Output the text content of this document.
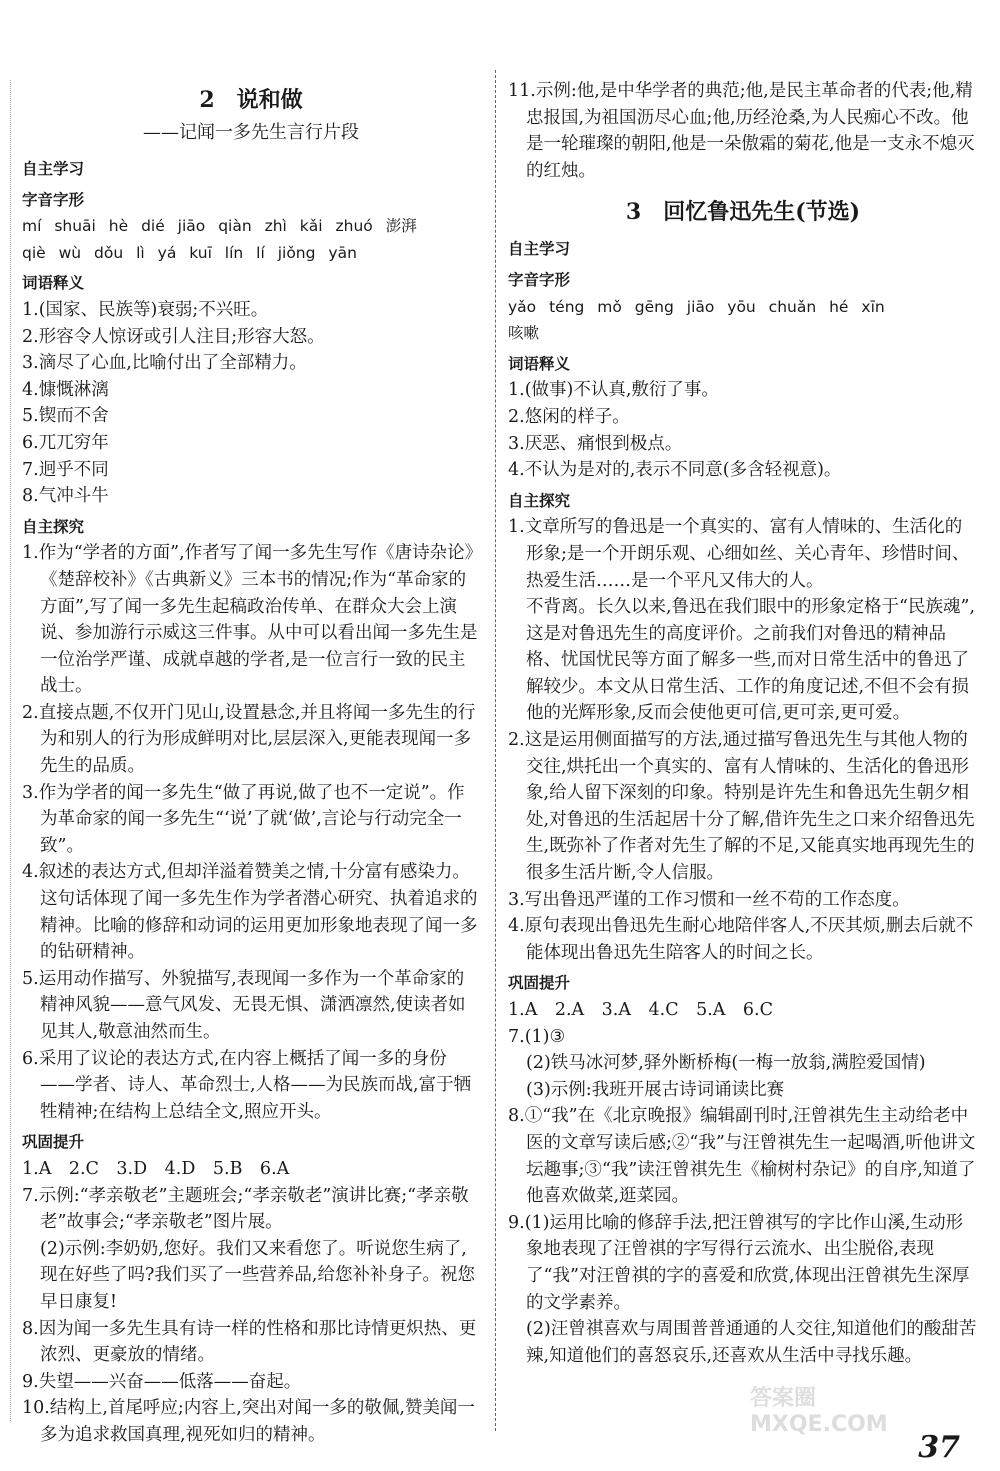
2　说和做
——记闻一多先生言行片段
自主学习
字音字形
mí shuāi hè dié jiāo qiàn zhì kǎi zhuó 澎湃
qiè wù dǒu lì yá kuī lín lí jiǒng yān
词语释义
1.(国家、民族等)衰弱;不兴旺。
2.形容令人惊讶或引人注目;形容大怒。
3.滴尽了心血,比喻付出了全部精力。
4.慷慨淋漓
5.锲而不舍
6.兀兀穷年
7.迥乎不同
8.气冲斗牛
自主探究
1.作为“学者的方面”,作者写了闻一多先生写作《唐诗杂论》《楚辞校补》《古典新义》三本书的情况;作为“革命家的方面”,写了闻一多先生起稿政治传单、在群众大会上演说、参加游行示威这三件事。从中可以看出闻一多先生是一位治学严谨、成就卓越的学者,是一位言行一致的民主战士。
2.直接点题,不仅开门见山,设置悬念,并且将闻一多先生的行为和别人的行为形成鲜明对比,层层深入,更能表现闻一多先生的品质。
3.作为学者的闻一多先生“做了再说,做了也不一定说”。作为革命家的闻一多先生“‘说’了就‘做’,言论与行动完全一致”。
4.叙述的表达方式,但却洋溢着赞美之情,十分富有感染力。这句话体现了闻一多先生作为学者潜心研究、执着追求的精神。比喻的修辞和动词的运用更加形象地表现了闻一多的钻研精神。
5.运用动作描写、外貌描写,表现闻一多作为一个革命家的精神风貌——意气风发、无畏无惧、潇洒凛然,使读者如见其人,敬意油然而生。
6.采用了议论的表达方式,在内容上概括了闻一多的身份——学者、诗人、革命烈士,人格——为民族而战,富于牺牲精神;在结构上总结全文,照应开头。
巩固提升
1.A　2.C　3.D　4.D　5.B　6.A
7.示例:“孝亲敬老”主题班会;“孝亲敬老”演讲比赛;“孝亲敬老”故事会;“孝亲敬老”图片展。
(2)示例:李奶奶,您好。我们又来看您了。听说您生病了,现在好些了吗?我们买了一些营养品,给您补补身子。祝您早日康复!
8.因为闻一多先生具有诗一样的性格和那比诗情更炽热、更浓烈、更豪放的情绪。
9.失望——兴奋——低落——奋起。
10.结构上,首尾呼应;内容上,突出对闻一多的敬佩,赞美闻一多为追求救国真理,视死如归的精神。
11.示例:他,是中华学者的典范;他,是民主革命者的代表;他,精忠报国,为祖国沥尽心血;他,历经沧桑,为人民痴心不改。他是一轮璀璨的朝阳,他是一朵傲霜的菊花,他是一支永不熄灭的红烛。
3　回忆鲁迅先生(节选)
自主学习
字音字形
yǎo téng mǒ gēng jiāo yōu chuǎn hé xīn
咳嗽
词语释义
1.(做事)不认真,敷衍了事。
2.悠闲的样子。
3.厌恶、痛恨到极点。
4.不认为是对的,表示不同意(多含轻视意)。
自主探究
1.文章所写的鲁迅是一个真实的、富有人情味的、生活化的形象;是一个开朗乐观、心细如丝、关心青年、珍惜时间、热爱生活……是一个平凡又伟大的人。
不背离。长久以来,鲁迅在我们眼中的形象定格于“民族魂”,这是对鲁迅先生的高度评价。之前我们对鲁迅的精神品格、忧国忧民等方面了解多一些,而对日常生活中的鲁迅了解较少。本文从日常生活、工作的角度记述,不但不会有损他的光辉形象,反而会使他更可信,更可亲,更可爱。
2.这是运用侧面描写的方法,通过描写鲁迅先生与其他人物的交往,烘托出一个真实的、富有人情味的、生活化的鲁迅形象,给人留下深刻的印象。特别是许先生和鲁迅先生朝夕相处,对鲁迅的生活起居十分了解,借许先生之口来介绍鲁迅先生,既弥补了作者对先生了解的不足,又能真实地再现先生的很多生活片断,令人信服。
3.写出鲁迅严谨的工作习惯和一丝不苟的工作态度。
4.原句表现出鲁迅先生耐心地陪伴客人,不厌其烦,删去后就不能体现出鲁迅先生陪客人的时间之长。
巩固提升
1.A　2.A　3.A　4.C　5.A　6.C
7.(1)③
(2)铁马冰河梦,驿外断桥梅(一梅一放翁,满腔爱国情)
(3)示例:我班开展古诗词诵读比赛
8.①“我”在《北京晚报》编辑副刊时,汪曾祺先生主动给老中医的文章写读后感;②“我”与汪曾祺先生一起喝酒,听他讲文坛趣事;③“我”读汪曾祺先生《榆树村杂记》的自序,知道了他喜欢做菜,逛菜园。
9.(1)运用比喻的修辞手法,把汪曾祺写的字比作山溪,生动形象地表现了汪曾祺的字写得行云流水、出尘脱俗,表现了“我”对汪曾祺的字的喜爱和欣赏,体现出汪曾祺先生深厚的文学素养。
(2)汪曾祺喜欢与周围普普通通的人交往,知道他们的酸甜苦辣,知道他们的喜怒哀乐,还喜欢从生活中寻找乐趣。
答案圈 MXQE.COM
37
